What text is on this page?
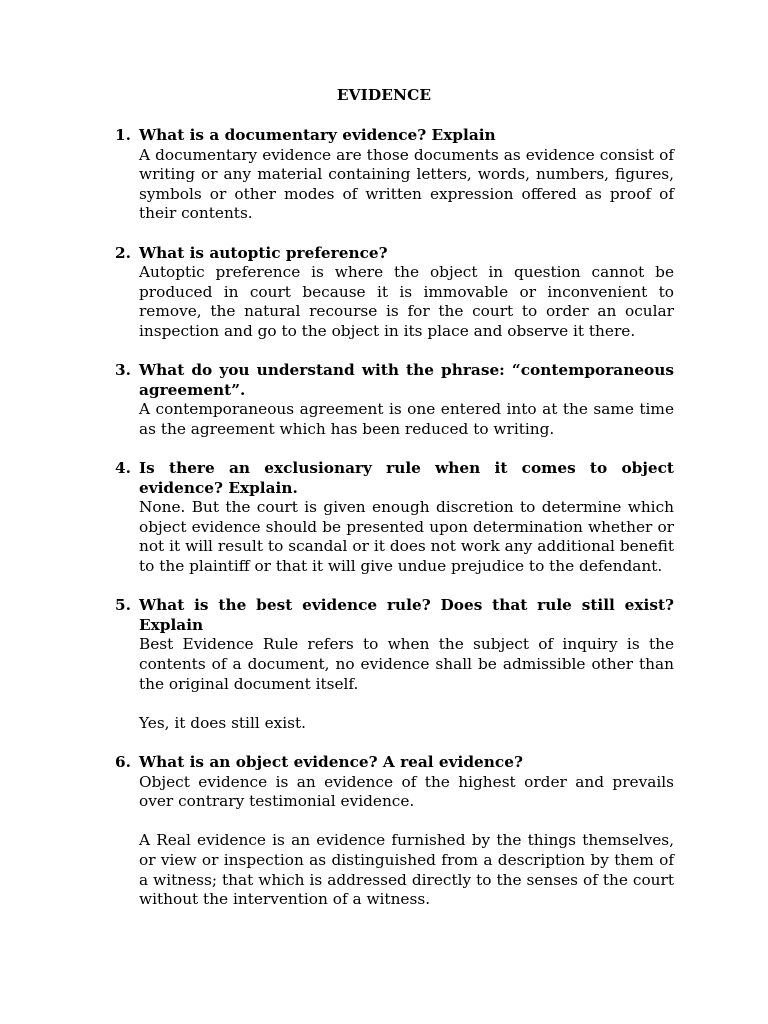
EVIDENCE
1. What is a documentary evidence? Explain
A documentary evidence are those documents as evidence consist of writing or any material containing letters, words, numbers, figures, symbols or other modes of written expression offered as proof of their contents.
2. What is autoptic preference?
Autoptic preference is where the object in question cannot be produced in court because it is immovable or inconvenient to remove, the natural recourse is for the court to order an ocular inspection and go to the object in its place and observe it there.
3. What do you understand with the phrase: “contemporaneous agreement”.
A contemporaneous agreement is one entered into at the same time as the agreement which has been reduced to writing.
4. Is there an exclusionary rule when it comes to object evidence? Explain.
None. But the court is given enough discretion to determine which object evidence should be presented upon determination whether or not it will result to scandal or it does not work any additional benefit to the plaintiff or that it will give undue prejudice to the defendant.
5. What is the best evidence rule? Does that rule still exist? Explain
Best Evidence Rule refers to when the subject of inquiry is the contents of a document, no evidence shall be admissible other than the original document itself.
Yes, it does still exist.
6. What is an object evidence? A real evidence?
Object evidence is an evidence of the highest order and prevails over contrary testimonial evidence.
A Real evidence is an evidence furnished by the things themselves, or view or inspection as distinguished from a description by them of a witness; that which is addressed directly to the senses of the court without the intervention of a witness.
